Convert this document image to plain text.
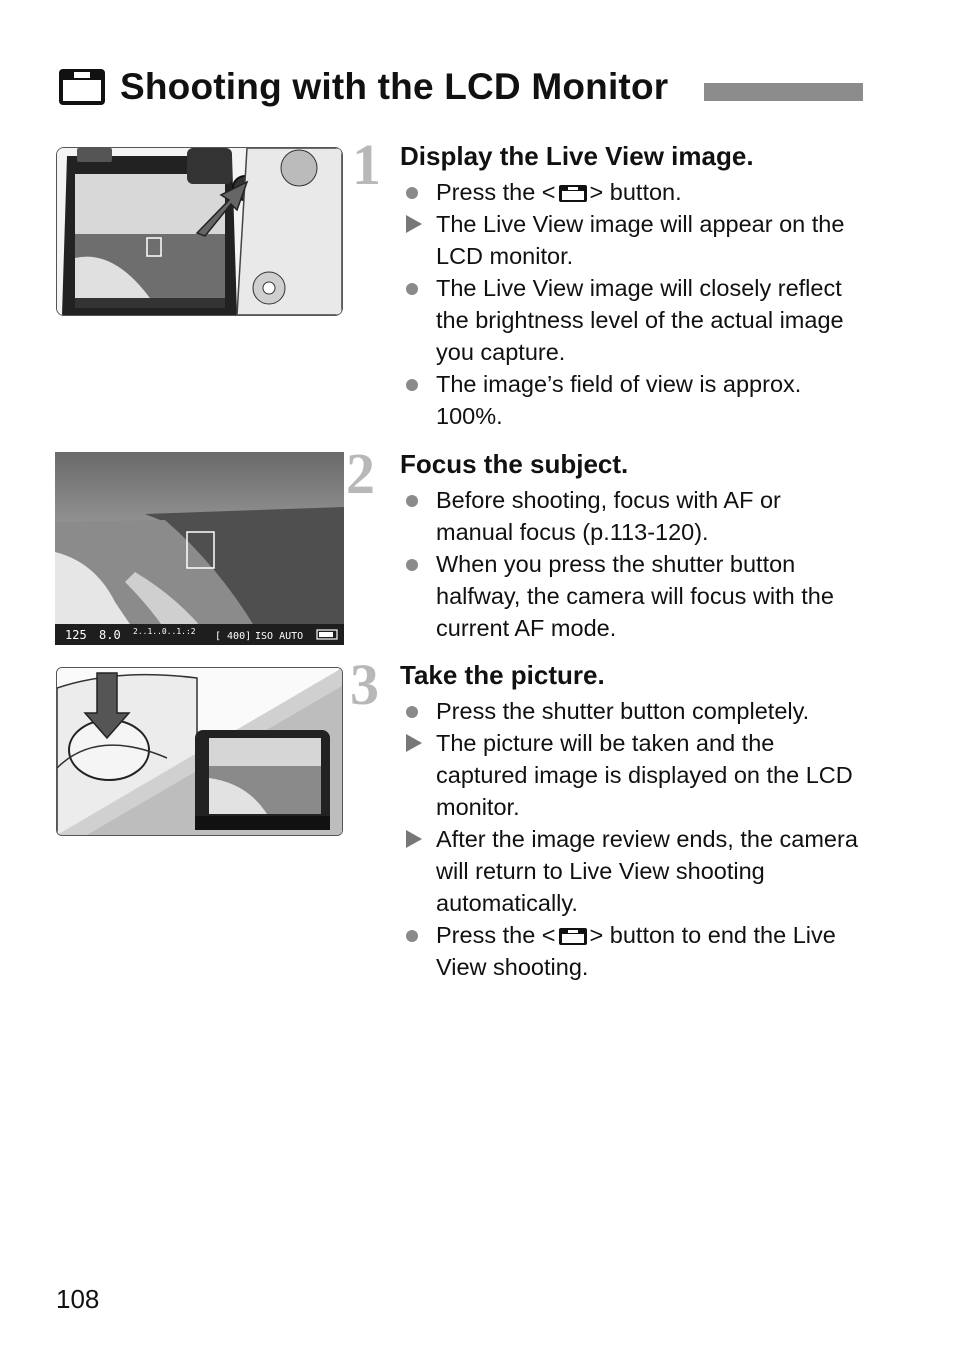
Shooting with the LCD Monitor
125 8.0 2..1..0..1.:2 [ 400] ISO AUTO
1
2
3
Display the Live View image.
Press the < > button.
The Live View image will appear on the LCD monitor.
The Live View image will closely reflect the brightness level of the actual image you capture.
The image’s field of view is approx. 100%.
Focus the subject.
Before shooting, focus with AF or manual focus (p.113-120).
When you press the shutter button halfway, the camera will focus with the current AF mode.
Take the picture.
Press the shutter button completely.
The picture will be taken and the captured image is displayed on the LCD monitor.
After the image review ends, the camera will return to Live View shooting automatically.
Press the < > button to end the Live View shooting.
108
